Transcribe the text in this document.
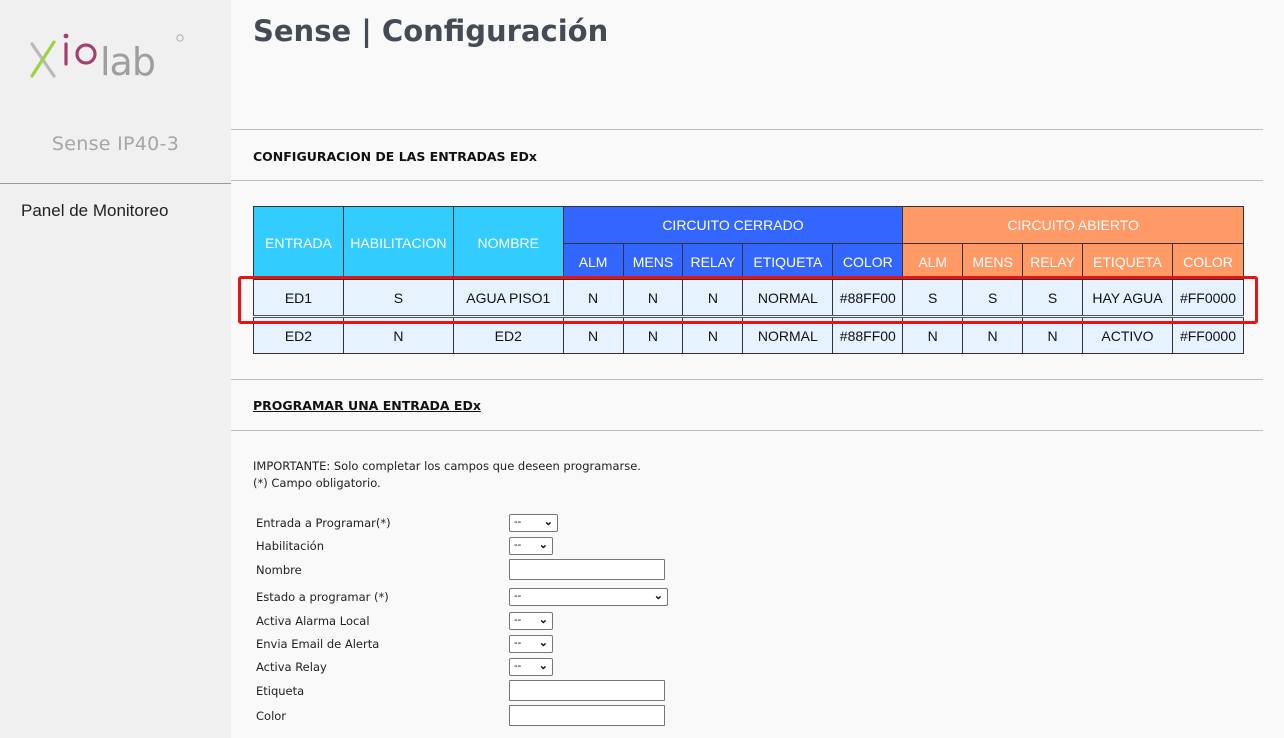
lab
Sense IP40-3
Panel de Monitoreo
Sense | Configuración
CONFIGURACION DE LAS ENTRADAS EDx
ENTRADA	HABILITACION	NOMBRE	CIRCUITO CERRADO					CIRCUITO ABIERTO				
			ALM	MENS	RELAY	ETIQUETA	COLOR	ALM	MENS	RELAY	ETIQUETA	COLOR
ED1	S	AGUA PISO1	N	N	N	NORMAL	#88FF00	S	S	S	HAY AGUA	#FF0000
ED2	N	ED2	N	N	N	NORMAL	#88FF00	N	N	N	ACTIVO	#FF0000
PROGRAMAR UNA ENTRADA EDx
IMPORTANTE: Solo completar los campos que deseen programarse.
(*) Campo obligatorio.
Entrada a Programar(*)	-- ⌄
Habilitación	-- ⌄
Nombre
Estado a programar (*)	--	⌄
Activa Alarma Local	-- ⌄
Envia Email de Alerta	-- ⌄
Activa Relay	-- ⌄
Etiqueta
Color
